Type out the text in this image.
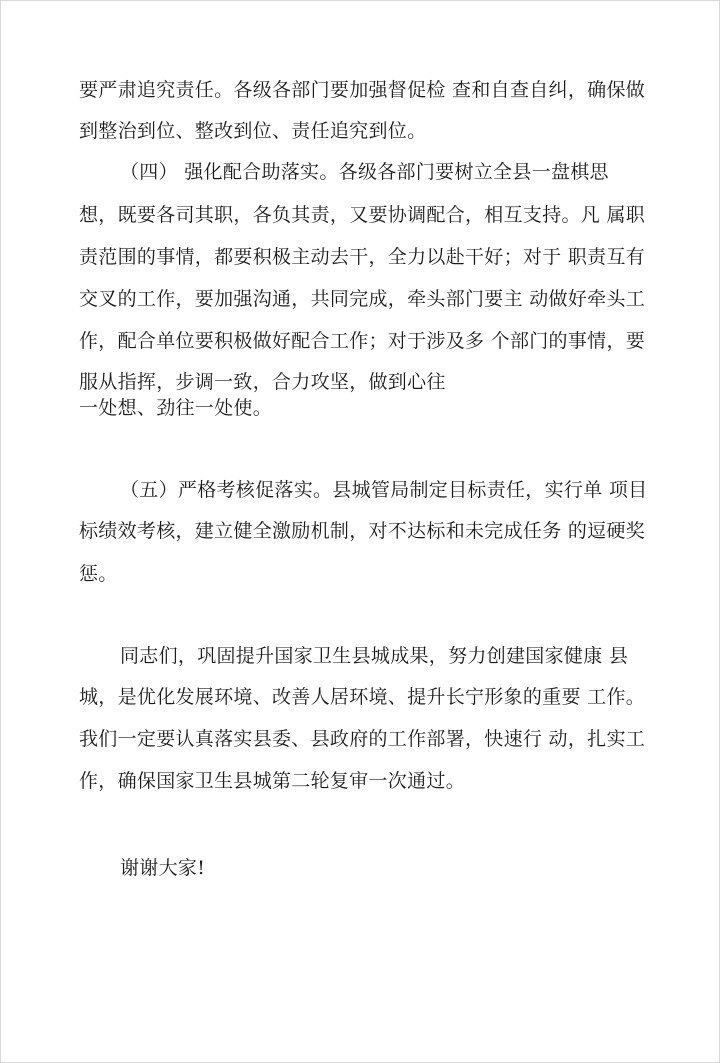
要严肃追究责任。各级各部门要加强督促检 查和自查自纠，确保做
到整治到位、整改到位、责任追究到位。
（四） 强化配合助落实。各级各部门要树立全县一盘棋思
想，既要各司其职，各负其责，又要协调配合，相互支持。凡 属职
责范围的事情，都要积极主动去干，全力以赴干好；对于 职责互有
交叉的工作，要加强沟通，共同完成，牵头部门要主 动做好牵头工
作，配合单位要积极做好配合工作；对于涉及多 个部门的事情，要
服从指挥，步调一致，合力攻坚，做到心往
一处想、劲往一处使。
（五）严格考核促落实。县城管局制定目标责任，实行单 项目
标绩效考核，建立健全激励机制，对不达标和未完成任务 的逗硬奖
惩。
同志们，巩固提升国家卫生县城成果，努力创建国家健康 县
城，是优化发展环境、改善人居环境、提升长宁形象的重要 工作。
我们一定要认真落实县委、县政府的工作部署，快速行 动，扎实工
作，确保国家卫生县城第二轮复审一次通过。
谢谢大家!
